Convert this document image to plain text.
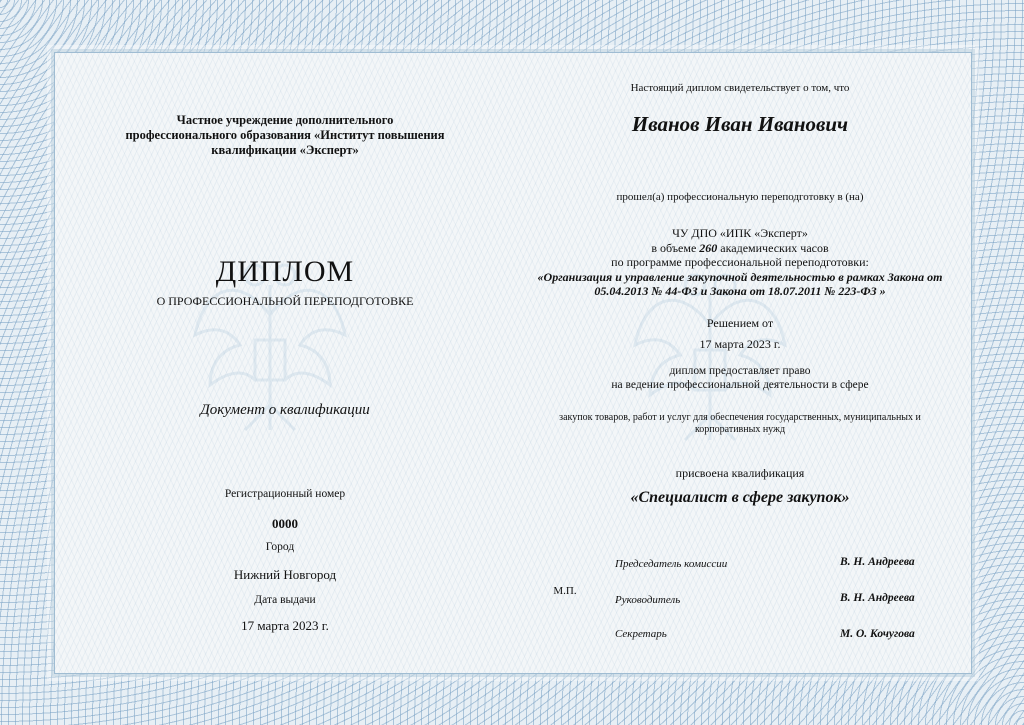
Частное учреждение дополнительного
профессионального образования «Институт повышения
квалификации «Эксперт»
ДИПЛОМ
О ПРОФЕССИОНАЛЬНОЙ ПЕРЕПОДГОТОВКЕ
Документ о квалификации
Регистрационный номер
0000
Город
Нижний Новгород
Дата выдачи
17 марта 2023 г.
Настоящий диплом свидетельствует о том, что
Иванов Иван Иванович
прошел(а) профессиональную переподготовку в (на)
ЧУ ДПО «ИПК «Эксперт»
в объеме 260 академических часов
по программе профессиональной переподготовки:
«Организация и управление закупочной деятельностью в рамках Закона от
05.04.2013 № 44-ФЗ и Закона от 18.07.2011 № 223-ФЗ »
Решением от
17 марта 2023 г.
диплом предоставляет право
на ведение профессиональной деятельности в сфере
закупок товаров, работ и услуг для обеспечения государственных, муниципальных и
корпоративных нужд
присвоена квалификация
«Специалист в сфере закупок»
М.П.
Председатель комиссии	В. Н. Андреева
Руководитель	В. Н. Андреева
Секретарь	М. О. Кочугова
